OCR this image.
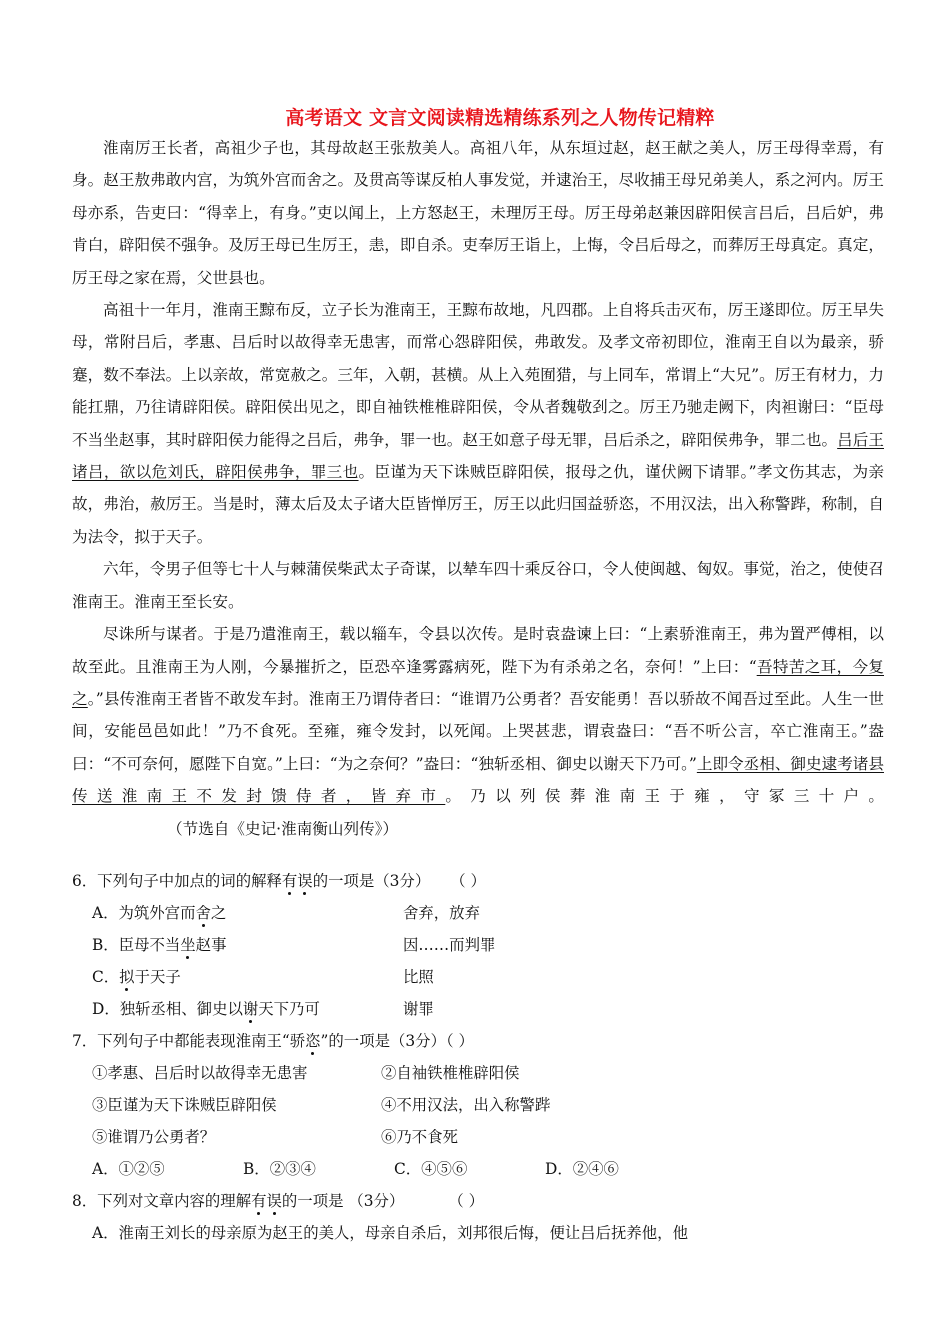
高考语文 文言文阅读精选精练系列之人物传记精粹

淮南厉王长者，高祖少子也，其母故赵王张敖美人。高祖八年，从东垣过赵，赵王献之美人，厉王母得幸焉，有身。赵王敖弗敢内宫，为筑外宫而舍之。及贯高等谋反柏人事发觉，并逮治王，尽收捕王母兄弟美人，系之河内。厉王母亦系，告吏曰：“得幸上，有身。”吏以闻上，上方怒赵王，未理厉王母。厉王母弟赵兼因辟阳侯言吕后，吕后妒，弗肯白，辟阳侯不强争。及厉王母已生厉王，恚，即自杀。吏奉厉王诣上，上悔，令吕后母之，而葬厉王母真定。真定，厉王母之家在焉，父世县也。

高祖十一年月，淮南王黥布反，立子长为淮南王，王黥布故地，凡四郡。上自将兵击灭布，厉王遂即位。厉王早失母，常附吕后，孝惠、吕后时以故得幸无患害，而常心怨辟阳侯，弗敢发。及孝文帝初即位，淮南王自以为最亲，骄蹇，数不奉法。上以亲故，常宽赦之。三年，入朝，甚横。从上入苑囿猎，与上同车，常谓上“大兄”。厉王有材力，力能扛鼎，乃往请辟阳侯。辟阳侯出见之，即自袖铁椎椎辟阳侯，令从者魏敬刭之。厉王乃驰走阙下，肉袒谢曰：“臣母不当坐赵事，其时辟阳侯力能得之吕后，弗争，罪一也。赵王如意子母无罪，吕后杀之，辟阳侯弗争，罪二也。吕后王诸吕，欲以危刘氏，辟阳侯弗争，罪三也。臣谨为天下诛贼臣辟阳侯，报母之仇，谨伏阙下请罪。”孝文伤其志，为亲故，弗治，赦厉王。当是时，薄太后及太子诸大臣皆惮厉王，厉王以此归国益骄恣，不用汉法，出入称警跸，称制，自为法令，拟于天子。

六年，令男子但等七十人与棘蒲侯柴武太子奇谋，以辇车四十乘反谷口，令人使闽越、匈奴。事觉，治之，使使召淮南王。淮南王至长安。

尽诛所与谋者。于是乃遣淮南王，载以辎车，令县以次传。是时袁盎谏上曰：“上素骄淮南王，弗为置严傅相，以故至此。且淮南王为人刚，今暴摧折之，臣恐卒逢雾露病死，陛下为有杀弟之名，奈何！”上曰：“吾特苦之耳，今复之。”县传淮南王者皆不敢发车封。淮南王乃谓侍者曰：“谁谓乃公勇者？吾安能勇！吾以骄故不闻吾过至此。人生一世间，安能邑邑如此！”乃不食死。至雍，雍令发封，以死闻。上哭甚悲，谓袁盎曰：“吾不听公言，卒亡淮南王。”盎曰：“不可奈何，愿陛下自宽。”上曰：“为之奈何？”盎曰：“独斩丞相、御史以谢天下乃可。”上即令丞相、御史逮考诸县传送淮南王不发封馈侍者，皆弃市。乃以列侯葬淮南王于雍，守冢三十户。（节选自《史记·淮南衡山列传》）

6．下列句子中加点的词的解释有误的一项是（3分） （ ）
A．为筑外宫而舍之	舍弃，放弃
B．臣母不当坐赵事	因……而判罪
C．拟于天子	比照
D．独斩丞相、御史以谢天下乃可	谢罪
7．下列句子中都能表现淮南王“骄恣”的一项是（3分）（ ）
①孝惠、吕后时以故得幸无患害	②自袖铁椎椎辟阳侯
③臣谨为天下诛贼臣辟阳侯	④不用汉法，出入称警跸
⑤谁谓乃公勇者？	⑥乃不食死
A．①②⑤	B．②③④	C．④⑤⑥	D．②④⑥
8．下列对文章内容的理解有误的一项是 （3分）	（ ）
A．淮南王刘长的母亲原为赵王的美人，母亲自杀后，刘邦很后悔，便让吕后抚养他，他
